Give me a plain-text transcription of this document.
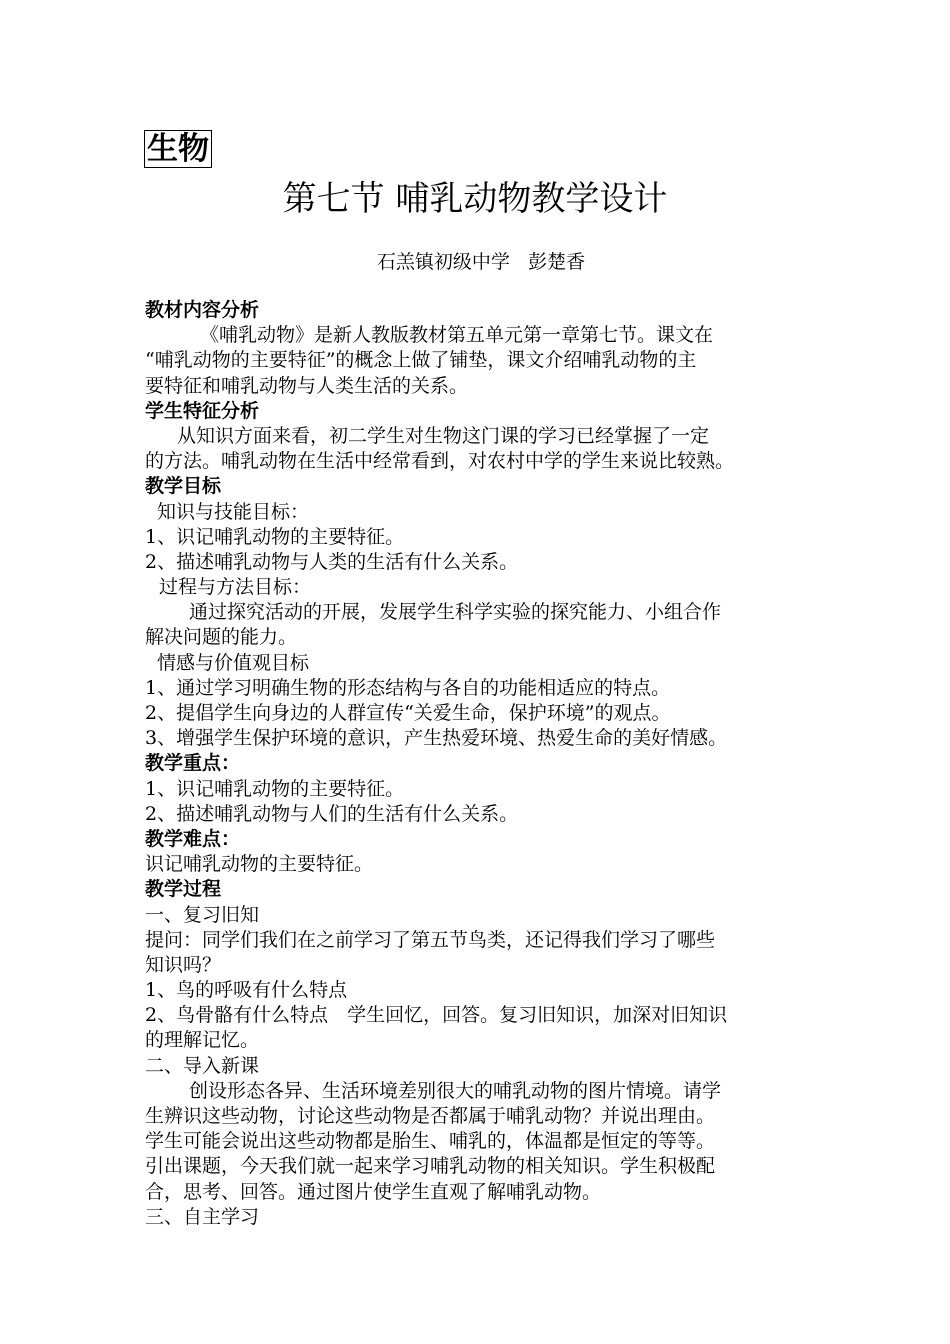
生物
第七节 哺乳动物教学设计
石羔镇初级中学 彭楚香
教材内容分析
《哺乳动物》是新人教版教材第五单元第一章第七节。课文在
“哺乳动物的主要特征”的概念上做了铺垫，课文介绍哺乳动物的主
要特征和哺乳动物与人类生活的关系。
学生特征分析
从知识方面来看，初二学生对生物这门课的学习已经掌握了一定
的方法。哺乳动物在生活中经常看到，对农村中学的学生来说比较熟。
教学目标
知识与技能目标：
1、识记哺乳动物的主要特征。
2、描述哺乳动物与人类的生活有什么关系。
过程与方法目标：
通过探究活动的开展，发展学生科学实验的探究能力、小组合作
解决问题的能力。
情感与价值观目标
1、通过学习明确生物的形态结构与各自的功能相适应的特点。
2、提倡学生向身边的人群宣传“关爱生命，保护环境”的观点。
3、增强学生保护环境的意识，产生热爱环境、热爱生命的美好情感。
教学重点：
1、识记哺乳动物的主要特征。
2、描述哺乳动物与人们的生活有什么关系。
教学难点：
识记哺乳动物的主要特征。
教学过程
一、复习旧知
提问：同学们我们在之前学习了第五节鸟类，还记得我们学习了哪些
知识吗？
1、鸟的呼吸有什么特点
2、鸟骨骼有什么特点　学生回忆，回答。复习旧知识，加深对旧知识
的理解记忆。
二、导入新课
创设形态各异、生活环境差别很大的哺乳动物的图片情境。请学
生辨识这些动物，讨论这些动物是否都属于哺乳动物？并说出理由。
学生可能会说出这些动物都是胎生、哺乳的，体温都是恒定的等等。
引出课题，今天我们就一起来学习哺乳动物的相关知识。学生积极配
合，思考、回答。通过图片使学生直观了解哺乳动物。
三、自主学习
